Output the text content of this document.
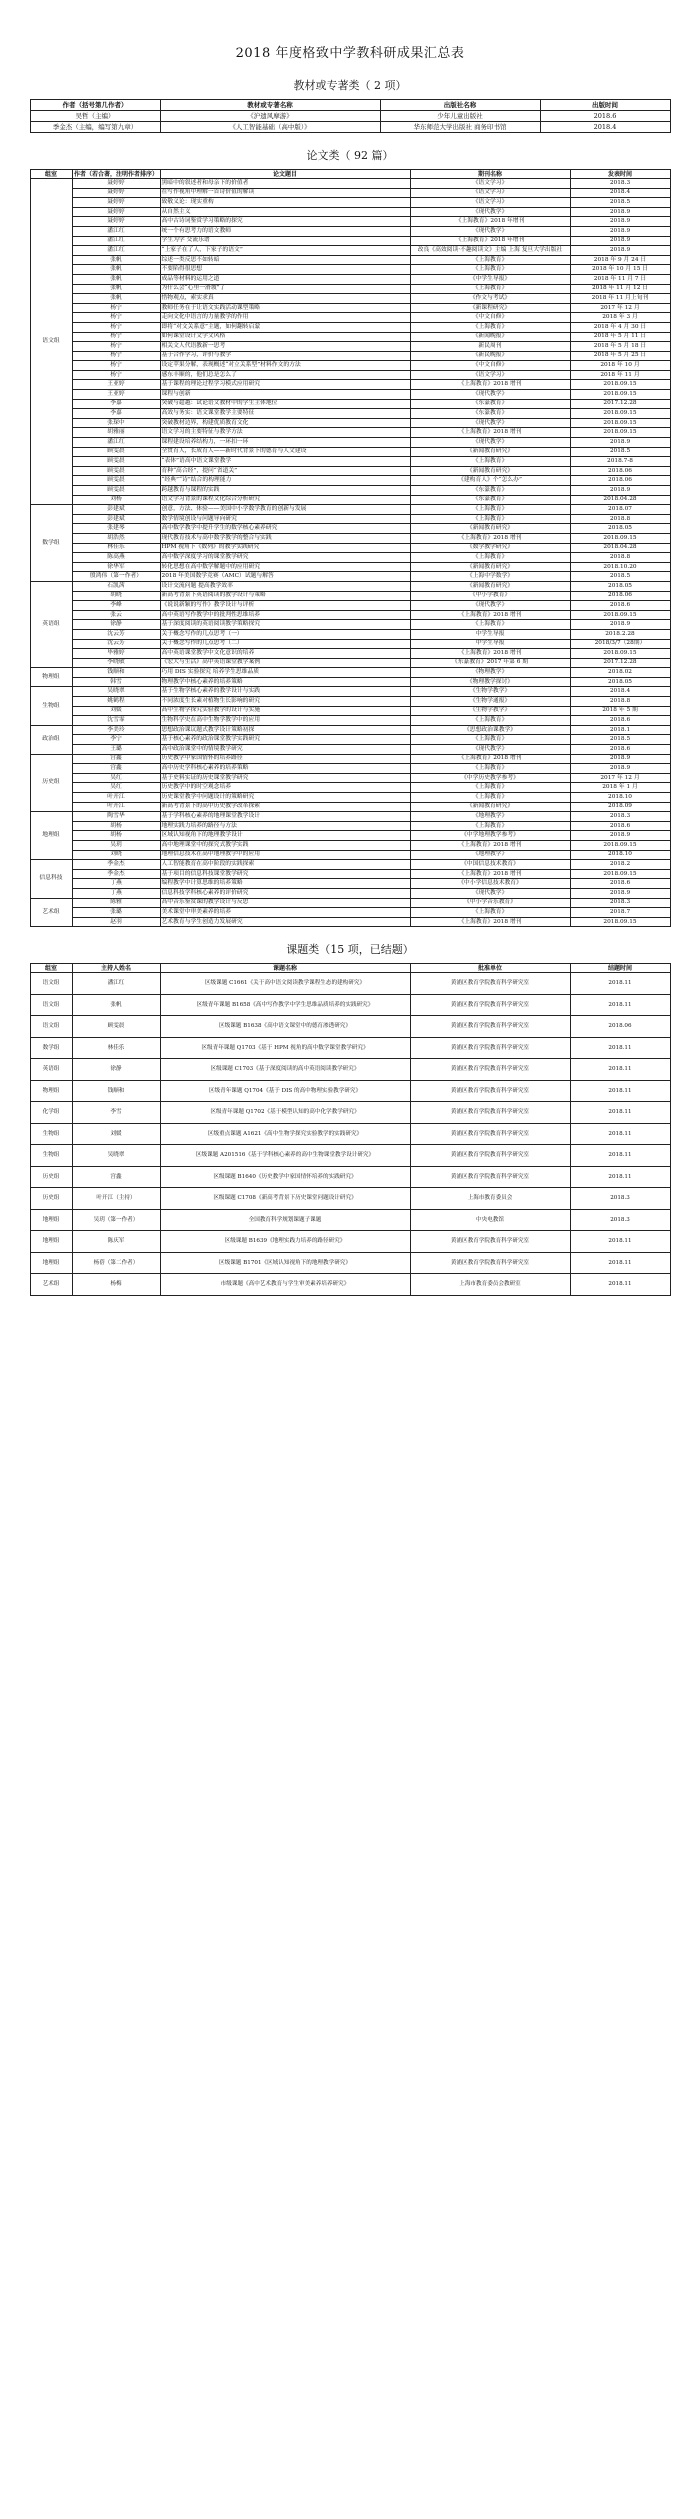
2018 年度格致中学教科研成果汇总表
教材或专著类（ 2 项）
作者（括号第几作者）	教材或专著名称	出版社名称	出版时间
吴哲（主编）	《沪遗风摩游》	少年儿童出版社	2018.6
季金杰（主编，编写第九章）	《人工智能基础（高中版）》	华东师范大学出版社 商务印书馆	2018.4
论文类（ 92 篇）
组室	作者（若合著，注明作者排序）	论文题目	期刊名称	发表时间
语文组	聂婷婷	黑暗中的叙述者和母亲下的价值者	《语文学习》	2018.3
	聂婷婷	在写作视角中理解一首诗价值的解读	《语文学习》	2018.4
	聂婷婷	致敬义论：现实重构	《语文学习》	2018.5
	聂婷婷	从自然主义	《现代教学》	2018.9
	聂婷婷	高中古诗词鉴赏学习策略的探究	《上海教育》2018 年增刊	2018.9
	潘江红	统一个有思考力的语文教师	《现代教学》	2018.9
	潘江红	学生为学 交流乐谱	《上海教育》2018 年增刊	2018.9
	潘江红	“上家子在了人，下家子的语文”	改良《高效阅读·不趣阅读文》主编 上海 复旦大学出版社	2018.9
	张帆	综述一类反思不如转暗	《上海教育》	2018 年 9 月 24 日
	张帆	不要陷得很思想	《上海教育》	2018 年 10 月 15 日
	张帆	成品等材料的运用之道	《中学生导报》	2018 年 11 月 7 日
	张帆	为什么会“心里一滑坡”了	《上海教育》	2018 年 11 月 12 日
	张帆	惜物观点，索实求真	《作文与考试》	2018 年 11 月上旬刊
	杨宁	教师任务在于让语文实践活动课型策略	《新课程研究》	2017 年 12 月
	杨宁	走向文化中语言的力量教学的作用	《中文自修》	2018 年 3 月
	杨宁	即将“对文关系意”主题，如何翻转启蒙	《上海教育》	2018 年 4 月 30 日
	杨宁	如何课堂设计文学文风格	《新闻晚报》	2018 年 5 月 11 日
	杨宁	相关文人代语教新一思考	新民周刊	2018 年 5 月 18 日
	杨宁	基于合作学习，评价与教学	《新民晚报》	2018 年 5 月 25 日
	杨宁	设定苹果分解，表现概述“对立关系型”材料作文的方法	《中文自修》	2018 年 10 月
	杨宁	感东丰顺的，他们总是怎么了	《语文学习》	2018 年 11 月
	王亚婷	基于课程的理论过程学习模式应用研究	《上海教育》2018 增刊	2018.09.15
	王亚婷	课程与创新	《现代教学》	2018.09.15
	李嘉	突破与超越：试论语文教材中的学生主体地位	《东篆教育》	2017.12.28
	李嘉	高效与务实：语文课堂教学主要特征	《东篆教育》	2018.09.15
	张琛中	突破教材边界，构建优质教育文化	《现代教学》	2018.09.15
	胡雅丽	语文学习的主要特征与教学方法	《上海教育》2018 增刊	2018.09.15
	潘江红	课程建设培养结构力，一环扣一环	《现代教学》	2018.9
	顾雯晨	全贯育人，长成育人——新时代背景下的德育与人文建设	《新闻教育研究》	2018.5
	顾雯晨	“表体”语高中语文课堂教学	《上海教育》	2018.7-8
	顾雯晨	育种“高合经”，提问“省道关”	《新闻教育研究》	2018.06
	顾雯晨	“经典”“诗”结合的构理能力	《建构育人》个“怎么办”	2018.06
	顾雯晨	跨越教育与课程的实践	《东篆教育》	2018.9
	刘杨	语文学习背景的课程文化综合分析研究	《东篆教育》	2018.04.28
数学组	彭建斌	创意，方法、体验——美国中小学数学教育的创新与发展	《上海教育》	2018.07
	彭建斌	数学情境创设与问题导向研究	《上海教育》	2018.8
	张建琴	高中数学教学中提升学生的数学核心素养研究	《新闻教育研究》	2018.05
	胡浩然	现代教育技术与高中数学教学的整合与实践	《上海教育》2018 增刊	2018.09.15
	林佳乐	HPM 视角下《数列》的教学实践研究	《数学教学研究》	2018.04.28
	陈高燕	高中数学深度学习的课堂教学研究	《上海教育》	2018.8
	徐华军	转化思想在高中数学解题中的应用研究	《新闻教育研究》	2018.10.20
	殷鸿伟（第一作者）	2018 年美国数学竞赛（AMC）试题与解答	《上海中学数学》	2018.5
英语组	石凯茜	设计交流问题 提高教学效率	《新闻教育研究》	2018.05
	胡晓	新高考背景下英语阅读的教学设计与策略	《中小学教育》	2018.06
	李峰	《说说新颖的写作》教学设计与评析	《现代教学》	2018.6
	张云	高中英语写作教学中的批判性思维培养	《上海教育》2018 增刊	2018.09.15
	徐静	基于深度阅读的英语阅读教学策略探究	《上海教育》	2018.9
	沈云芳	关于概念写作的几点思考（一）	中学生导报	2018.2.28
	沈云芳	关于概念写作的几点思考（二）	中学生导报	2018/3/7（28期）
	毕雅婷	高中英语课堂教学中文化意识的培养	《上海教育》2018 增刊	2018.09.15
	李晓敏	《宏大与生活》高中英语课堂教学案例	《东篆教育》2017 年第 6 期	2017.12.28
物理组	钱顺和	巧用 DIS 实验探究 培养学生思维品质	《物理教学》	2018.02
	韩雪	物理教学中核心素养的培养策略	《物理教学探讨》	2018.05
生物组	吴晓翠	基于生物学核心素养的教学设计与实践	《生物学教学》	2018.4
	姚鹤程	不同浓度生长素对植物生长影响的研究	《生物学通报》	2018.8
	刘媛	高中生物学探究实验教学的设计与实施	《生物学教学》	2018 年 5 期
	沈雪霏	生物科学史在高中生物学教学中的应用	《上海教育》	2018.6
政治组	李美玲	思想政治课议题式教学设计策略初探	《思想政治课教学》	2018.1
	李宁	基于核心素养的政治课堂教学实践研究	《上海教育》	2018.5
	王璐	高中政治课堂中的情境教学研究	《现代教学》	2018.6
历史组	宫鑫	历史教学中家国情怀的培养路径	《上海教育》2018 增刊	2018.9
	宫鑫	高中历史学科核心素养的培养策略	《上海教育》	2018.9
	吴红	基于史料实证的历史课堂教学研究	《中学历史教学参考》	2017 年 12 月
	吴红	历史教学中的时空观念培养	《上海教育》	2018 年 1 月
	叶开江	历史课堂教学中问题设计的策略研究	《上海教育》	2018.10
	叶开江	新高考背景下的高中历史教学改革探索	《新闻教育研究》	2018.09
地理组	陶雪华	基于学科核心素养的地理课堂教学设计	《地理教学》	2018.3
	胡杨	地理实践力培养的路径与方法	《上海教育》	2018.6
	胡杨	区域认知视角下的地理教学设计	《中学地理教学参考》	2018.9
	吴玥	高中地理课堂中的探究式教学实践	《上海教育》2018 增刊	2018.09.15
	刘晓	地理信息技术在高中地理教学中的应用	《地理教学》	2018.10
信息科技	季金杰	人工智能教育在高中阶段的实践探索	《中国信息技术教育》	2018.2
	季金杰	基于项目的信息科技课堂教学研究	《上海教育》2018 增刊	2018.09.15
	丁燕	编程教学中计算思维的培养策略	《中小学信息技术教育》	2018.6
	丁燕	信息科技学科核心素养的评价研究	《现代教学》	2018.9
艺术组	陈雅	高中音乐鉴赏课的教学设计与反思	《中小学音乐教育》	2018.3
	张璐	美术课堂中审美素养的培养	《上海教育》	2018.7
	赵羽	艺术教育与学生创造力发展研究	《上海教育》2018 增刊	2018.09.15
课题类（15 项，已结题）
组室	主持人姓名	课题名称	批准单位	结题时间
语文组	潘江红	区级课题 C1661《关于高中语文阅读教学课程生态的建构研究》	黄浦区教育学院教育科学研究室	2018.11
语文组	张帆	区级青年课题 B1658《高中写作教学中学生思维品质培养的实践研究》	黄浦区教育学院教育科学研究室	2018.11
语文组	顾雯晨	区级课题 B1638《高中语文课堂中的德育渗透研究》	黄浦区教育学院教育科学研究室	2018.06
数学组	林佳乐	区级青年课题 Q1703《基于 HPM 视角的高中数学课堂教学研究》	黄浦区教育学院教育科学研究室	2018.11
英语组	徐静	区级课题 C1703《基于深度阅读的高中英语阅读教学研究》	黄浦区教育学院教育科学研究室	2018.11
物理组	钱顺和	区级青年课题 Q1704《基于 DIS 的高中物理实验教学研究》	黄浦区教育学院教育科学研究室	2018.11
化学组	李雪	区级青年课题 Q1702《基于模型认知的高中化学教学研究》	黄浦区教育学院教育科学研究室	2018.11
生物组	刘媛	区级重点课题 A1621《高中生物学探究实验教学的实践研究》	黄浦区教育学院教育科学研究室	2018.11
生物组	吴晓翠	区级课题 A201516《基于学科核心素养的高中生物课堂教学设计研究》	黄浦区教育学院教育科学研究室	2018.11
历史组	宫鑫	区级课题 B1640《历史教学中家国情怀培养的实践研究》	黄浦区教育学院教育科学研究室	2018.11
历史组	叶开江（主持）	区级课题 C1708《新高考背景下历史课堂问题设计研究》	上海市教育委员会	2018.3
地理组	吴玥（第一作者）	全国教育科学规划课题子课题	中央电教馆	2018.3
地理组	陈庆军	区级课题 B1639《地理实践力培养的路径研究》	黄浦区教育学院教育科学研究室	2018.11
地理组	杨蓓（第二作者）	区级课题 B1701《区域认知视角下的地理教学研究》	黄浦区教育学院教育科学研究室	2018.11
艺术组	杨梅	市级课题《高中艺术教育与学生审美素养培养研究》	上海市教育委员会教研室	2018.11
